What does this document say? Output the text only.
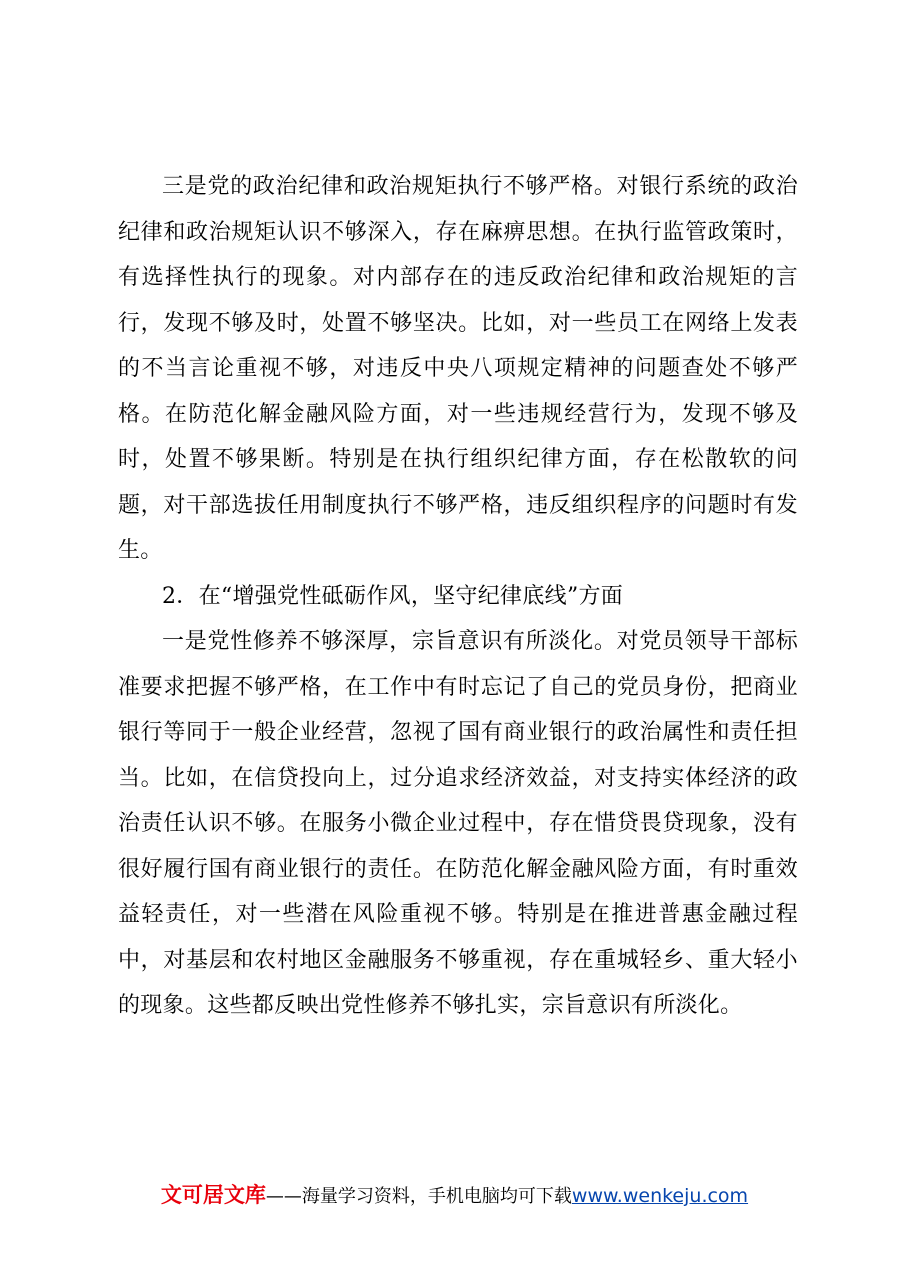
三是党的政治纪律和政治规矩执行不够严格。对银行系统的政治纪律和政治规矩认识不够深入，存在麻痹思想。在执行监管政策时，有选择性执行的现象。对内部存在的违反政治纪律和政治规矩的言行，发现不够及时，处置不够坚决。比如，对一些员工在网络上发表的不当言论重视不够，对违反中央八项规定精神的问题查处不够严格。在防范化解金融风险方面，对一些违规经营行为，发现不够及时，处置不够果断。特别是在执行组织纪律方面，存在松散软的问题，对干部选拔任用制度执行不够严格，违反组织程序的问题时有发生。

2．在“增强党性砥砺作风，坚守纪律底线”方面

一是党性修养不够深厚，宗旨意识有所淡化。对党员领导干部标准要求把握不够严格，在工作中有时忘记了自己的党员身份，把商业银行等同于一般企业经营，忽视了国有商业银行的政治属性和责任担当。比如，在信贷投向上，过分追求经济效益，对支持实体经济的政治责任认识不够。在服务小微企业过程中，存在惜贷畏贷现象，没有很好履行国有商业银行的责任。在防范化解金融风险方面，有时重效益轻责任，对一些潜在风险重视不够。特别是在推进普惠金融过程中，对基层和农村地区金融服务不够重视，存在重城轻乡、重大轻小的现象。这些都反映出党性修养不够扎实，宗旨意识有所淡化。

文可居文库——海量学习资料，手机电脑均可下载www.wenkeju.com
